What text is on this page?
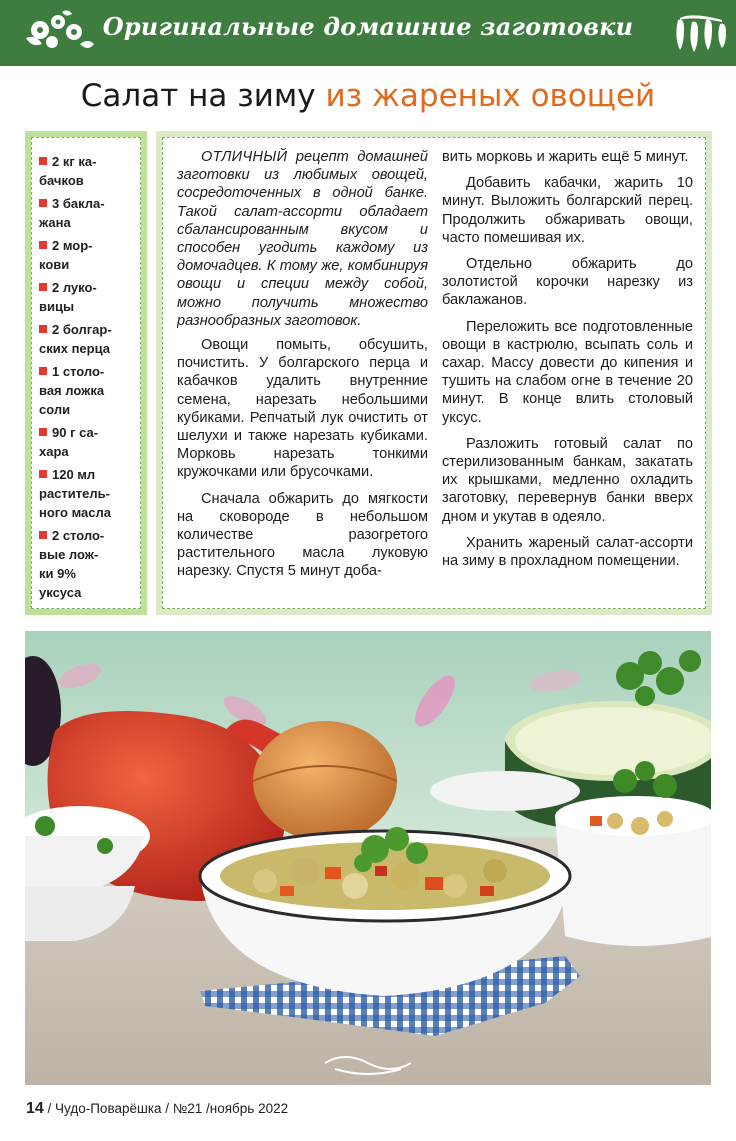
Оригинальные домашние заготовки
Салат на зиму из жареных овощей
2 кг ка-
бачков
3 бакла-
жана
2 мор-
кови
2 луко-
вицы
2 болгар-
ских перца
1 столо-
вая ложка
соли
90 г са-
хара
120 мл
раститель-
ного масла
2 столо-
вые лож-
ки 9%
уксуса

ОТЛИЧНЫЙ рецепт домашней заготовки из любимых овощей, сосредоточенных в одной банке. Такой салат-ассорти обладает сбалансированным вкусом и способен угодить каждому из домочадцев. К тому же, комбинируя овощи и специи между собой, можно получить множество разнообразных заготовок.

Овощи помыть, обсушить, почистить. У болгарского перца и кабачков удалить внутренние семена, нарезать небольшими кубиками. Репчатый лук очистить от шелухи и также нарезать кубиками. Морковь нарезать тонкими кружочками или брусочками.

Сначала обжарить до мягкости на сковороде в небольшом количестве разогретого растительного масла луковую нарезку. Спустя 5 минут доба-

вить морковь и жарить ещё 5 минут.

Добавить кабачки, жарить 10 минут. Выложить болгарский перец. Продолжить обжаривать овощи, часто помешивая их.

Отдельно обжарить до золотистой корочки нарезку из баклажанов.

Переложить все подготовленные овощи в кастрюлю, всыпать соль и сахар. Массу довести до кипения и тушить на слабом огне в течение 20 минут. В конце влить столовый уксус.

Разложить готовый салат по стерилизованным банкам, закатать их крышками, медленно охладить заготовку, перевернув банки вверх дном и укутав в одеяло.

Хранить жареный салат-ассорти на зиму в прохладном помещении.

14 / Чудо-Поварёшка / №21 /ноябрь 2022
